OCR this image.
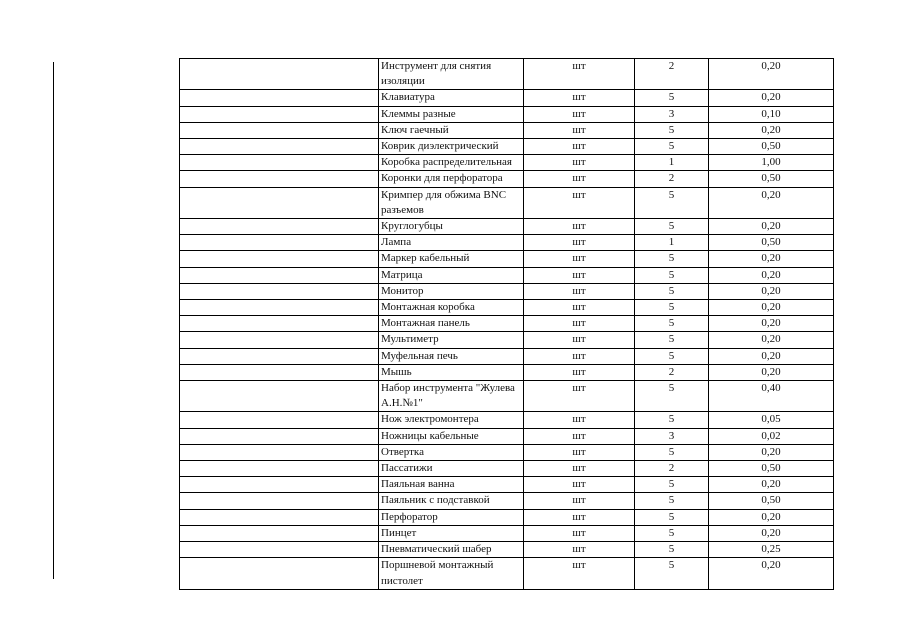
	Инструмент для снятия изоляции	шт	2	0,20
	Клавиатура	шт	5	0,20
	Клеммы разные	шт	3	0,10
	Ключ гаечный	шт	5	0,20
	Коврик диэлектрический	шт	5	0,50
	Коробка распределительная	шт	1	1,00
	Коронки для перфоратора	шт	2	0,50
	Кримпер для обжима BNC разъемов	шт	5	0,20
	Круглогубцы	шт	5	0,20
	Лампа	шт	1	0,50
	Маркер кабельный	шт	5	0,20
	Матрица	шт	5	0,20
	Монитор	шт	5	0,20
	Монтажная коробка	шт	5	0,20
	Монтажная панель	шт	5	0,20
	Мультиметр	шт	5	0,20
	Муфельная печь	шт	5	0,20
	Мышь	шт	2	0,20
	Набор инструмента "Жулева А.Н.№1"	шт	5	0,40
	Нож электромонтера	шт	5	0,05
	Ножницы кабельные	шт	3	0,02
	Отвертка	шт	5	0,20
	Пассатижи	шт	2	0,50
	Паяльная ванна	шт	5	0,20
	Паяльник с подставкой	шт	5	0,50
	Перфоратор	шт	5	0,20
	Пинцет	шт	5	0,20
	Пневматический шабер	шт	5	0,25
	Поршневой монтажный пистолет	шт	5	0,20
